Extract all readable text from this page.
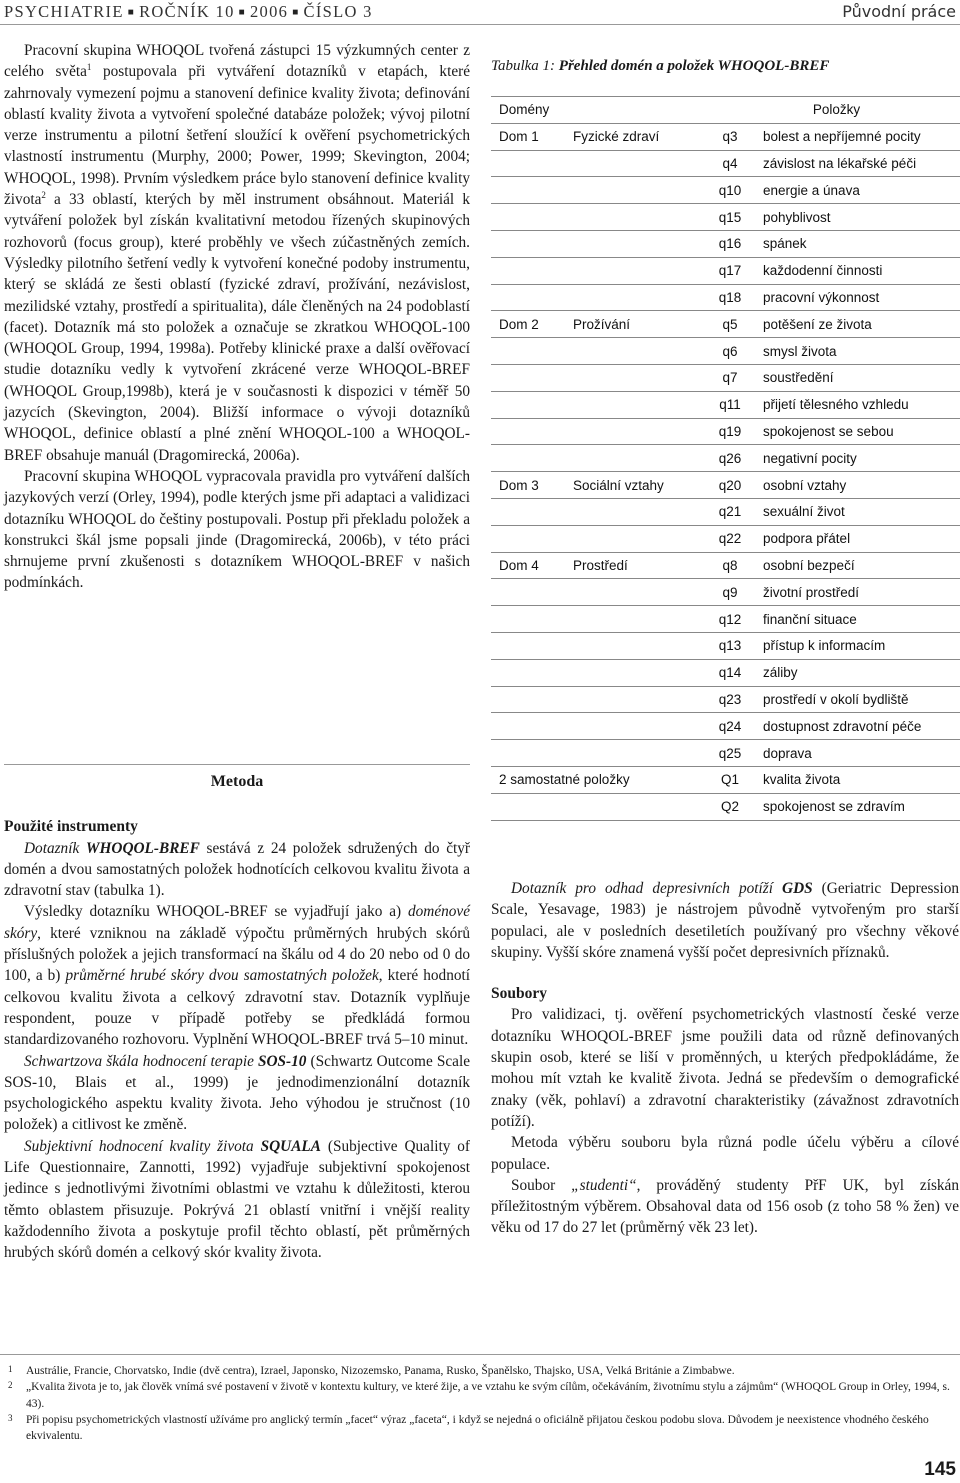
PSYCHIATRIE ■ ROČNÍK 10 ■ 2006 ■ ČÍSLO 3	Původní práce

Pracovní skupina WHOQOL tvořená zástupci 15 výzkumných center z celého světa$^1$ postupovala při vytváření dotazníků v etapách, které zahrnovaly vymezení pojmu a stanovení definice kvality života; definování oblastí kvality života a vytvoření společné databáze položek; vývoj pilotní verze instrumentu a pilotní šetření sloužící k ověření psychometrických vlastností instrumentu (Murphy, 2000; Power, 1999; Skevington, 2004; WHOQOL, 1998). Prvním výsledkem práce bylo stanovení definice kvality života$^2$ a 33 oblastí, kterých by měl instrument obsáhnout. Materiál k vytváření položek byl získán kvalitativní metodou řízených skupinových rozhovorů (focus group), které proběhly ve všech zúčastněných zemích. Výsledky pilotního šetření vedly k vytvoření konečné podoby instrumentu, který se skládá ze šesti oblastí (fyzické zdraví, prožívání, nezávislost, mezilidské vztahy, prostředí a spiritualita), dále členěných na 24 podoblastí (facet). Dotazník má sto položek a označuje se zkratkou WHOQOL-100 (WHOQOL Group, 1994, 1998a). Potřeby klinické praxe a další ověřovací studie dotazníku vedly k vytvoření zkrácené verze WHOQOL-BREF (WHOQOL Group,1998b), která je v současnosti k dispozici v téměř 50 jazycích (Skevington, 2004). Bližší informace o vývoji dotazníků WHOQOL, definice oblastí a plné znění WHOQOL-100 a WHOQOL-BREF obsahuje manuál (Dragomirecká, 2006a).

Pracovní skupina WHOQOL vypracovala pravidla pro vytváření dalších jazykových verzí (Orley, 1994), podle kterých jsme při adaptaci a validizaci dotazníku WHOQOL do češtiny postupovali. Postup při překladu položek a konstrukci škál jsme popsali jinde (Dragomirecká, 2006b), v této práci shrnujeme první zkušenosti s dotazníkem WHOQOL-BREF v našich podmínkách.

Metoda

Použité instrumenty

Dotazník WHOQOL-BREF sestává z 24 položek sdružených do čtyř domén a dvou samostatných položek hodnotících celkovou kvalitu života a zdravotní stav (tabulka 1).

Výsledky dotazníku WHOQOL-BREF se vyjadřují jako a) doménové skóry, které vzniknou na základě výpočtu průměrných hrubých skórů příslušných položek a jejich transformací na škálu od 4 do 20 nebo od 0 do 100, a b) průměrné hrubé skóry dvou samostatných položek, které hodnotí celkovou kvalitu života a celkový zdravotní stav. Dotazník vyplňuje respondent, pouze v případě potřeby se předkládá formou standardizovaného rozhovoru. Vyplnění WHOQOL-BREF trvá 5–10 minut.

Schwartzova škála hodnocení terapie SOS-10 (Schwartz Outcome Scale SOS-10, Blais et al., 1999) je jednodimenzionální dotazník psychologického aspektu kvality života. Jeho výhodou je stručnost (10 položek) a citlivost ke změně.

Subjektivní hodnocení kvality života SQUALA (Subjective Quality of Life Questionnaire, Zannotti, 1992) vyjadřuje subjektivní spokojenost jedince s jednotlivými životními oblastmi ve vztahu k důležitosti, kterou těmto oblastem přisuzuje. Pokrývá 21 oblastí vnitřní i vnější reality každodenního života a poskytuje profil těchto oblastí, pět průměrných hrubých skórů domén a celkový skór kvality života.

Tabulka 1: Přehled domén a položek WHOQOL-BREF
Domény		Položky	
Dom 1	Fyzické zdraví	q3	bolest a nepříjemné pocity
		q4	závislost na lékařské péči
		q10	energie a únava
		q15	pohyblivost
		q16	spánek
		q17	každodenní činnosti
		q18	pracovní výkonnost
Dom 2	Prožívání	q5	potěšení ze života
		q6	smysl života
		q7	soustředění
		q11	přijetí tělesného vzhledu
		q19	spokojenost se sebou
		q26	negativní pocity
Dom 3	Sociální vztahy	q20	osobní vztahy
		q21	sexuální život
		q22	podpora přátel
Dom 4	Prostředí	q8	osobní bezpečí
		q9	životní prostředí
		q12	finanční situace
		q13	přístup k informacím
		q14	záliby
		q23	prostředí v okolí bydliště
		q24	dostupnost zdravotní péče
		q25	doprava
2 samostatné položky		Q1	kvalita života
		Q2	spokojenost se zdravím

Dotazník pro odhad depresivních potíží GDS (Geriatric Depression Scale, Yesavage, 1983) je nástrojem původně vytvořeným pro starší populaci, ale v posledních desetiletích používaný pro všechny věkové skupiny. Vyšší skóre znamená vyšší počet depresivních příznaků.

Soubory

Pro validizaci, tj. ověření psychometrických vlastností české verze dotazníku WHOQOL-BREF jsme použili data od různě definovaných skupin osob, které se liší v proměnných, u kterých předpokládáme, že mohou mít vztah ke kvalitě života. Jedná se především o demografické znaky (věk, pohlaví) a zdravotní charakteristiky (závažnost zdravotních potíží).

Metoda výběru souboru byla různá podle účelu výběru a cílové populace.

Soubor „studenti“, prováděný studenty PřF UK, byl získán příležitostným výběrem. Obsahoval data od 156 osob (z toho 58 % žen) ve věku od 17 do 27 let (průměrný věk 23 let).

1 Austrálie, Francie, Chorvatsko, Indie (dvě centra), Izrael, Japonsko, Nizozemsko, Panama, Rusko, Španělsko, Thajsko, USA, Velká Británie a Zimbabwe.
2 „Kvalita života je to, jak člověk vnímá své postavení v životě v kontextu kultury, ve které žije, a ve vztahu ke svým cílům, očekáváním, životnímu stylu a zájmům“ (WHOQOL Group in Orley, 1994, s. 43).
3 Při popisu psychometrických vlastností užíváme pro anglický termín „facet“ výraz „faceta“, i když se nejedná o oficiálně přijatou českou podobu slova. Důvodem je neexistence vhodného českého ekvivalentu.
145
